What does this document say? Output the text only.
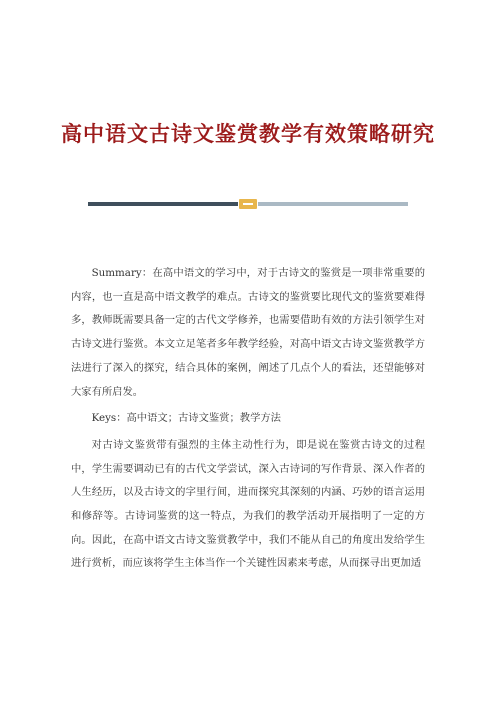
高中语文古诗文鉴赏教学有效策略研究

Summary：在高中语文的学习中，对于古诗文的鉴赏是一项非常重要的内容，也一直是高中语文教学的难点。古诗文的鉴赏要比现代文的鉴赏要难得多，教师既需要具备一定的古代文学修养，也需要借助有效的方法引领学生对古诗文进行鉴赏。本文立足笔者多年教学经验，对高中语文古诗文鉴赏教学方法进行了深入的探究，结合具体的案例，阐述了几点个人的看法，还望能够对大家有所启发。

Keys：高中语文；古诗文鉴赏；教学方法

对古诗文鉴赏带有强烈的主体主动性行为，即是说在鉴赏古诗文的过程中，学生需要调动已有的古代文学尝试，深入古诗词的写作背景、深入作者的人生经历，以及古诗文的字里行间，进而探究其深刻的内涵、巧妙的语言运用和修辞等。古诗词鉴赏的这一特点，为我们的教学活动开展指明了一定的方向。因此，在高中语文古诗文鉴赏教学中，我们不能从自己的角度出发给学生进行赏析，而应该将学生主体当作一个关键性因素来考虑，从而探寻出更加适
